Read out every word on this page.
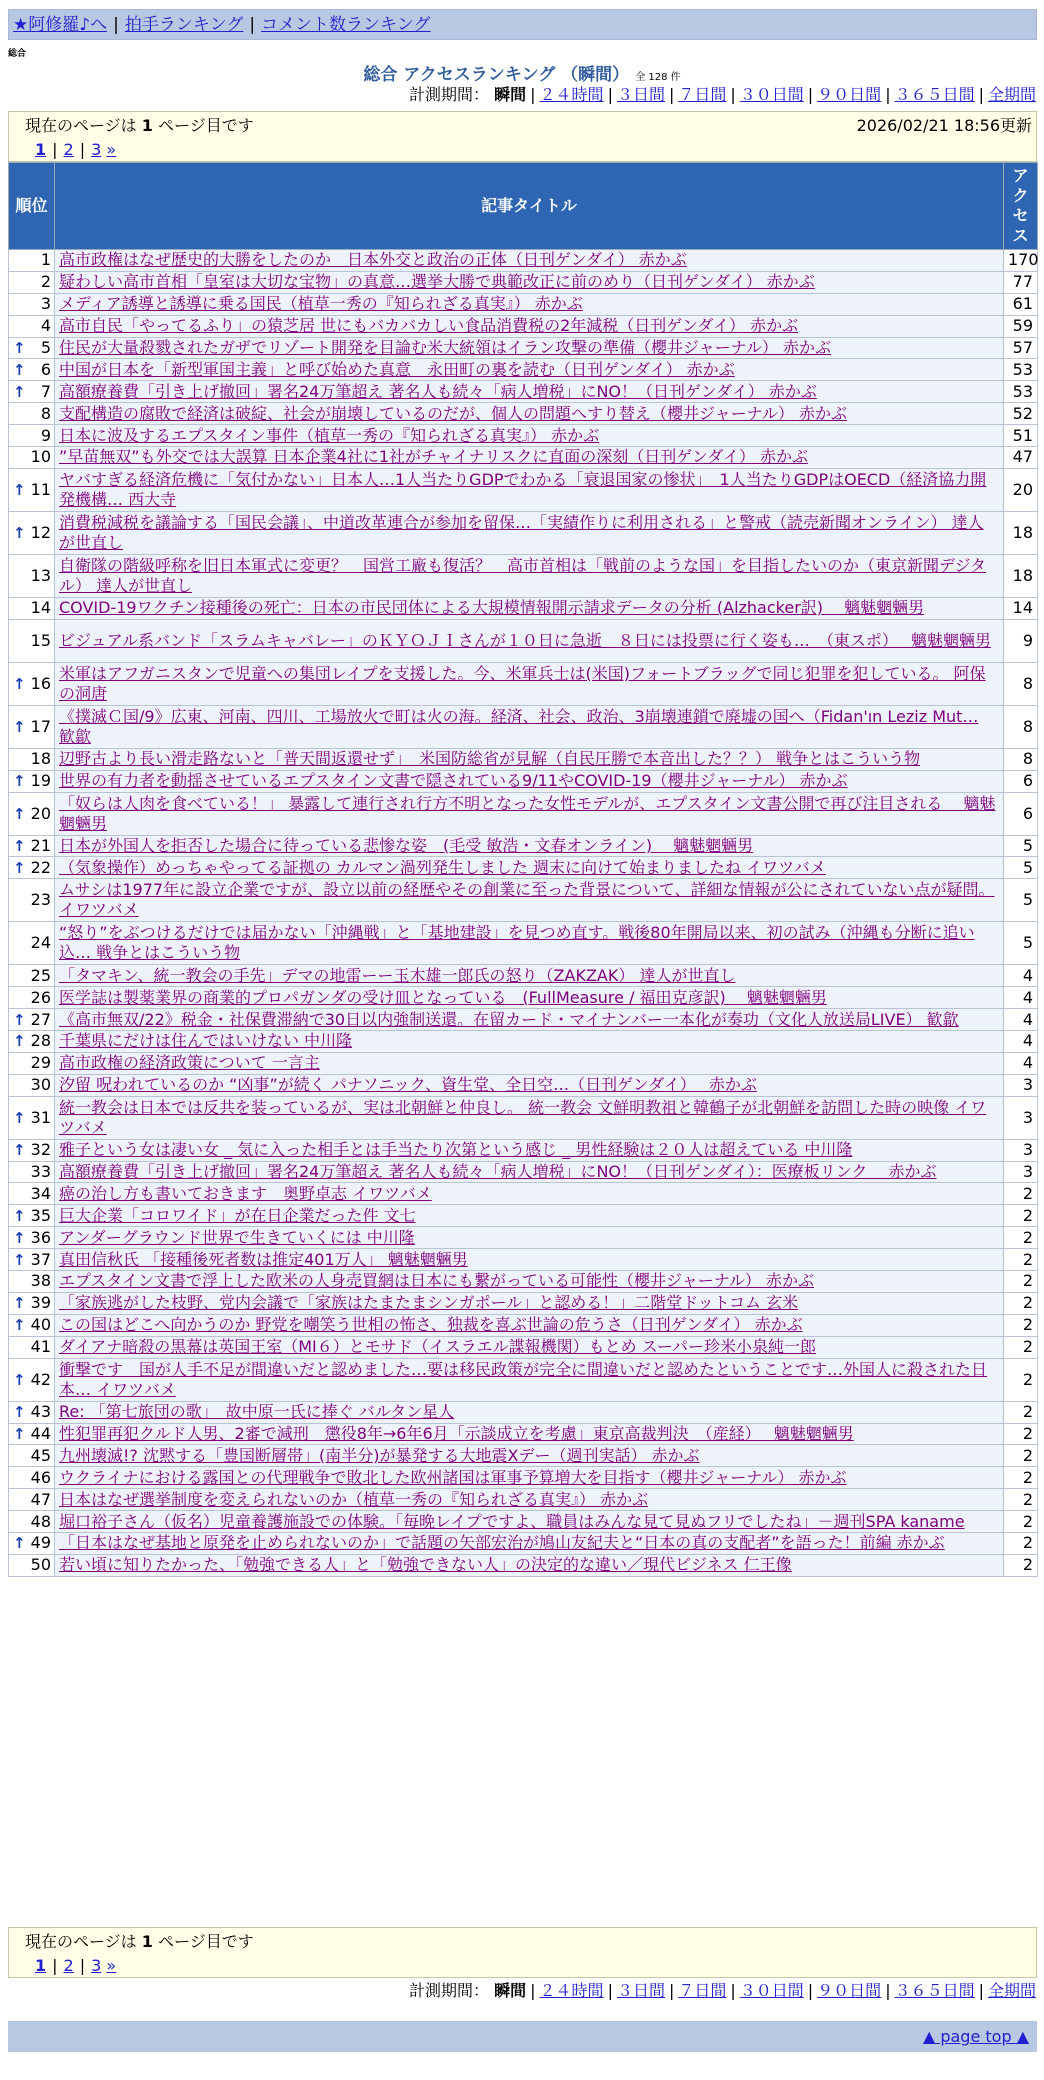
★阿修羅♪へ | 拍手ランキング | コメント数ランキング
総合
総合 アクセスランキング （瞬間） 全 128 件
計測期間： 瞬間 | ２４時間 | ３日間 | ７日間 | ３０日間 | ９０日間 | ３６５日間 | 全期間
現在のページは 1 ページ目です	2026/02/21 18:56更新
1 | 2 | 3 »
順位	記事タイトル	アクセス
1	高市政権はなぜ歴史的大勝をしたのか　日本外交と政治の正体（日刊ゲンダイ） 赤かぶ	170
2	疑わしい高市首相「皇室は大切な宝物」の真意…選挙大勝で典範改正に前のめり（日刊ゲンダイ） 赤かぶ	77
3	メディア誘導と誘導に乗る国民（植草一秀の『知られざる真実』） 赤かぶ	61
4	高市自民「やってるふり」の猿芝居 世にもバカバカしい食品消費税の2年減税（日刊ゲンダイ） 赤かぶ	59

↑ 5	住民が大量殺戮されたガザでリゾート開発を目論む米大統領はイラン攻撃の準備（櫻井ジャーナル） 赤かぶ	57

↑ 6	中国が日本を「新型軍国主義」と呼び始めた真意　永田町の裏を読む（日刊ゲンダイ） 赤かぶ	53

↑ 7	高額療養費「引き上げ撤回」署名24万筆超え 著名人も続々「病人増税」にNO！（日刊ゲンダイ） 赤かぶ	53
8	支配構造の腐敗で経済は破綻、社会が崩壊しているのだが、個人の問題へすり替え（櫻井ジャーナル） 赤かぶ	52
9	日本に波及するエプスタイン事件（植草一秀の『知られざる真実』） 赤かぶ	51
10	”早苗無双”も外交では大誤算 日本企業4社に1社がチャイナリスクに直面の深刻（日刊ゲンダイ） 赤かぶ	47

↑ 11	ヤバすぎる経済危機に「気付かない」日本人…1人当たりGDPでわかる「衰退国家の惨状」　1人当たりGDPはOECD（経済協力開発機構… 西大寺	20

↑ 12	消費税減税を議論する「国民会議」、中道改革連合が参加を留保…「実績作りに利用される」と警戒（読売新聞オンライン） 達人が世直し	18
13	自衛隊の階級呼称を旧日本軍式に変更？　国営工廠も復活？　高市首相は「戦前のような国」を目指したいのか（東京新聞デジタル） 達人が世直し	18
14	COVID-19ワクチン接種後の死亡：日本の市民団体による大規模情報開示請求データの分析 (Alzhacker訳)　 魑魅魍魎男	14
15	ビジュアル系バンド「スラムキャバレー」のＫＹＯＪＩさんが１０日に急逝　８日には投票に行く姿も…　（東スポ）　 魑魅魍魎男	9

↑ 16	米軍はアフガニスタンで児童への集団レイプを支援した。今、米軍兵士は(米国)フォートブラッグで同じ犯罪を犯している。 阿保の洞唐	8

↑ 17	《撲滅Ｃ国/9》広東、河南、四川、工場放火で町は火の海。経済、社会、政治、3崩壊連鎖で廃墟の国へ（Fidan'ın Leziz Mut… 歓歙	8
18	辺野古より長い滑走路ないと「普天間返還せず」　米国防総省が見解（自民圧勝で本音出した？？） 戦争とはこういう物	8

↑ 19	世界の有力者を動揺させているエプスタイン文書で隠されている9/11やCOVID-19（櫻井ジャーナル） 赤かぶ	6

↑ 20	「奴らは人肉を食べている！」 暴露して連行され行方不明となった女性モデルが、エプスタイン文書公開で再び注目される　 魑魅魍魎男	6

↑ 21	日本が外国人を拒否した場合に待っている悲惨な姿　(毛受 敏浩・文春オンライン)　 魑魅魍魎男	5

↑ 22	（気象操作）めっちゃやってる証拠の カルマン渦列発生しました 週末に向けて始まりましたね イワツバメ	5
23	ムサシは1977年に設立企業ですが、設立以前の経歴やその創業に至った背景について、詳細な情報が公にされていない点が疑問。 イワツバメ	5
24	“怒り”をぶつけるだけでは届かない「沖縄戦」と「基地建設」を見つめ直す。戦後80年開局以来、初の試み（沖縄も分断に追い込… 戦争とはこういう物	5
25	「タマキン、統一教会の手先」デマの地雷ーー玉木雄一郎氏の怒り（ZAKZAK） 達人が世直し	4
26	医学誌は製薬業界の商業的プロパガンダの受け皿となっている　(FullMeasure / 福田克彦訳)　 魑魅魍魎男	4

↑ 27	《高市無双/22》税金・社保費滞納で30日以内強制送還。在留カード・マイナンバー一本化が奏功（文化人放送局LIVE） 歓歙	4

↑ 28	千葉県にだけは住んではいけない 中川隆	4
29	高市政権の経済政策について 一言主	4
30	汐留 呪われているのか “凶事”が続く パナソニック、資生堂、全日空…（日刊ゲンダイ）　 赤かぶ	3

↑ 31	統一教会は日本では反共を装っているが、実は北朝鮮と仲良し。 統一教会 文鮮明教祖と韓鶴子が北朝鮮を訪問した時の映像 イワツバメ	3

↑ 32	雅子という女は凄い女 _ 気に入った相手とは手当たり次第という感じ _ 男性経験は２０人は超えている 中川隆	3
33	高額療養費「引き上げ撤回」署名24万筆超え 著名人も続々「病人増税」にNO！（日刊ゲンダイ）：医療板リンク　 赤かぶ	3
34	癌の治し方も書いておきます　奥野卓志 イワツバメ	2

↑ 35	巨大企業「コロワイド」が在日企業だった件 文七	2

↑ 36	アンダーグラウンド世界で生きていくには 中川隆	2

↑ 37	真田信秋氏 「接種後死者数は推定401万人」 魑魅魍魎男	2
38	エプスタイン文書で浮上した欧米の人身売買網は日本にも繋がっている可能性（櫻井ジャーナル） 赤かぶ	2

↑ 39	「家族逃がした枝野、党内会議で「家族はたまたまシンガポール」と認める！」二階堂ドットコム 玄米	2

↑ 40	この国はどこへ向かうのか 野党を嘲笑う世相の怖さ、独裁を喜ぶ世論の危うさ（日刊ゲンダイ） 赤かぶ	2
41	ダイアナ暗殺の黒幕は英国王室（MI６）とモサド（イスラエル諜報機関）もとめ スーパー珍米小泉純一郎	2

↑ 42	衝撃です　国が人手不足が間違いだと認めました…要は移民政策が完全に間違いだと認めたということです…外国人に殺された日本… イワツバメ	2

↑ 43	Re: 「第七旅団の歌」　故中原一氏に捧ぐ バルタン星人	2

↑ 44	性犯罪再犯クルド人男、2審で減刑　懲役8年→6年6月「示談成立を考慮」東京高裁判決　（産経）　 魑魅魍魎男	2
45	九州壊滅!? 沈黙する「豊国断層帯」(南半分)が暴発する大地震Xデー（週刊実話） 赤かぶ	2
46	ウクライナにおける露国との代理戦争で敗北した欧州諸国は軍事予算増大を目指す（櫻井ジャーナル） 赤かぶ	2
47	日本はなぜ選挙制度を変えられないのか（植草一秀の『知られざる真実』） 赤かぶ	2
48	堀口裕子さん（仮名）児童養護施設での体験。「毎晩レイプですよ、職員はみんな見て見ぬフリでしたね」－週刊SPA kaname	2

↑ 49	「日本はなぜ基地と原発を止められないのか」で話題の矢部宏治が鳩山友紀夫と“日本の真の支配者”を語った！前編 赤かぶ	2
50	若い頃に知りたかった、「勉強できる人」と「勉強できない人」の決定的な違い／現代ビジネス 仁王像	2
現在のページは 1 ページ目です
1 | 2 | 3 »
計測期間： 瞬間 | ２４時間 | ３日間 | ７日間 | ３０日間 | ９０日間 | ３６５日間 | 全期間
▲ page top ▲
